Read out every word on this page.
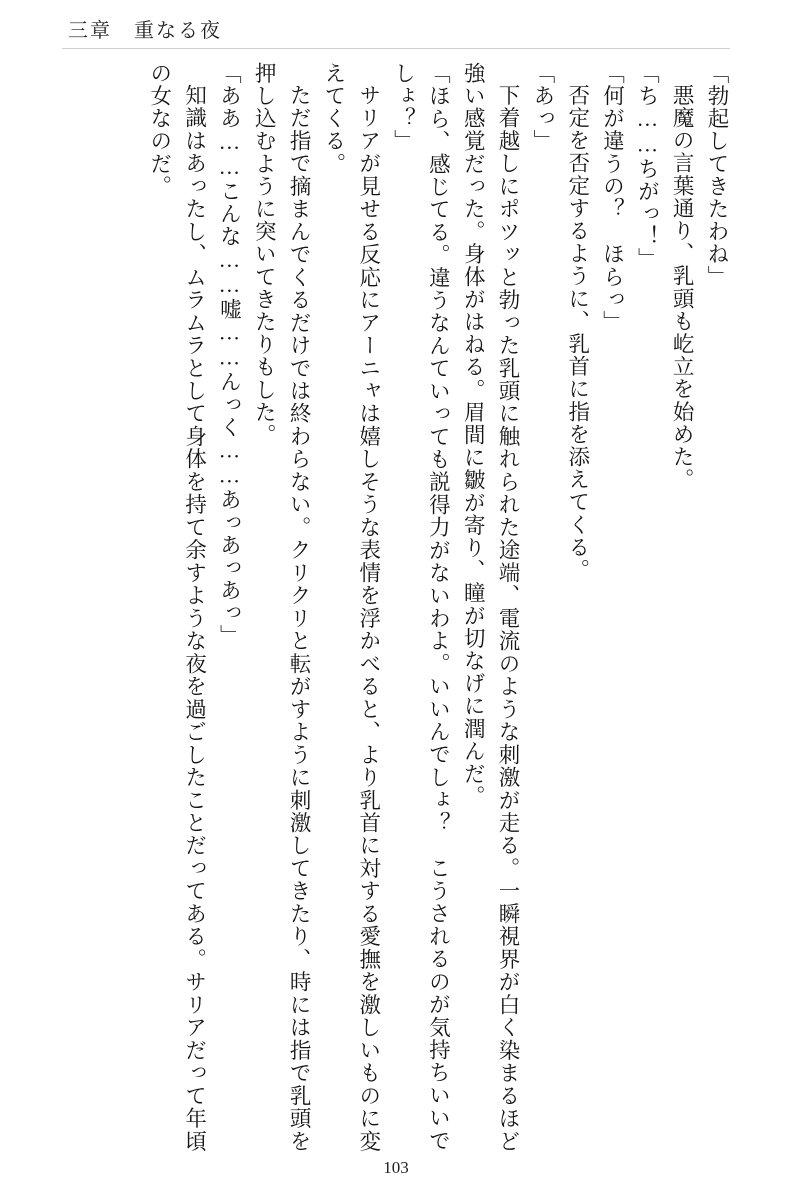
三章　重なる夜

「勃起してきたわね」

悪魔の言葉通り、乳頭も屹立を始めた。

「ち……ちがっ！」

「何が違うの？　ほらっ」

否定を否定するように、乳首に指を添えてくる。

「あっ」

下着越しにポツッと勃った乳頭に触れられた途端、電流のような刺激が走る。一瞬視界が白く染まるほど強い感覚だった。身体がはねる。眉間に皺が寄り、瞳が切なげに潤んだ。

「ほら、感じてる。違うなんていっても説得力がないわよ。いいんでしょ？　こうされるのが気持ちいいでしょ？」

サリアが見せる反応にアーニャは嬉しそうな表情を浮かべると、より乳首に対する愛撫を激しいものに変えてくる。

ただ指で摘まんでくるだけでは終わらない。クリクリと転がすように刺激してきたり、時には指で乳頭を押し込むように突いてきたりもした。

「ああ……こんな……嘘……んっく……あっあっあっ」

知識はあったし、ムラムラとして身体を持て余すような夜を過ごしたことだってある。サリアだって年頃の女なのだ。

103
